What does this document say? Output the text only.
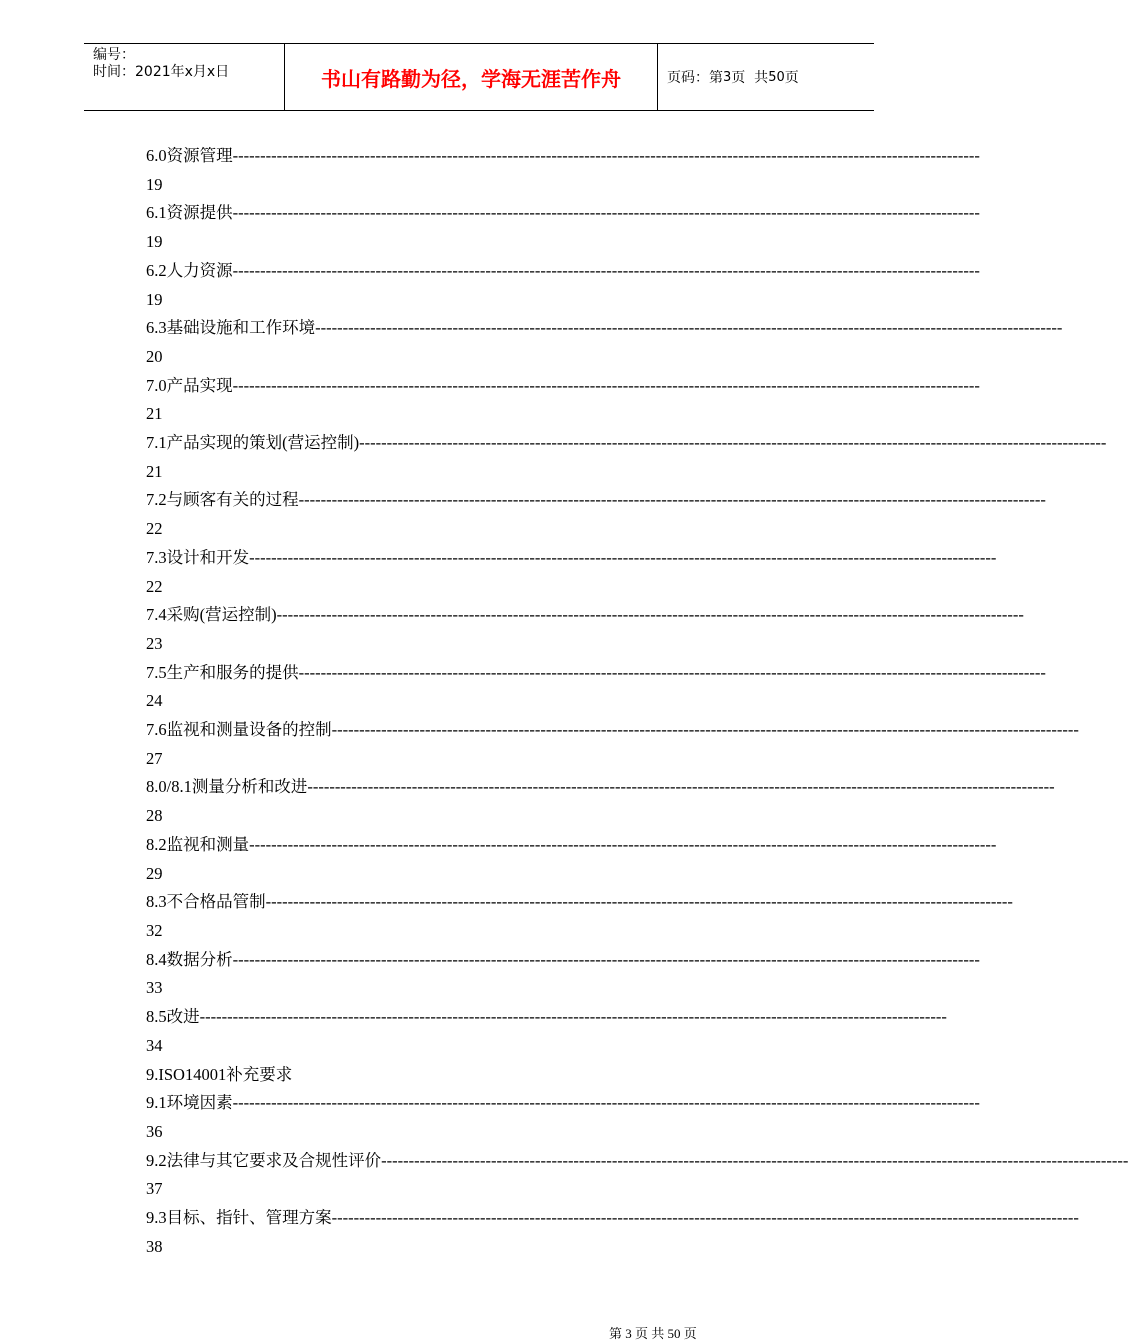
编号：
时间：2021年x月x日	书山有路勤为径，学海无涯苦作舟	页码： 第 3 页  共 50 页
6.0资源管理----------------------------------------------------------------------------------------------------------------------------------------
19
6.1资源提供----------------------------------------------------------------------------------------------------------------------------------------
19
6.2人力资源----------------------------------------------------------------------------------------------------------------------------------------
19
6.3基础设施和工作环境----------------------------------------------------------------------------------------------------------------------------------------
20
7.0产品实现----------------------------------------------------------------------------------------------------------------------------------------
21
7.1产品实现的策划(营运控制)----------------------------------------------------------------------------------------------------------------------------------------
21
7.2与顾客有关的过程----------------------------------------------------------------------------------------------------------------------------------------
22
7.3设计和开发----------------------------------------------------------------------------------------------------------------------------------------
22
7.4采购(营运控制)----------------------------------------------------------------------------------------------------------------------------------------
23
7.5生产和服务的提供----------------------------------------------------------------------------------------------------------------------------------------
24
7.6监视和测量设备的控制----------------------------------------------------------------------------------------------------------------------------------------
27
8.0/8.1测量分析和改进----------------------------------------------------------------------------------------------------------------------------------------
28
8.2监视和测量----------------------------------------------------------------------------------------------------------------------------------------
29
8.3不合格品管制----------------------------------------------------------------------------------------------------------------------------------------
32
8.4数据分析----------------------------------------------------------------------------------------------------------------------------------------
33
8.5改进----------------------------------------------------------------------------------------------------------------------------------------
34
9.ISO14001补充要求
9.1环境因素----------------------------------------------------------------------------------------------------------------------------------------
36
9.2法律与其它要求及合规性评价----------------------------------------------------------------------------------------------------------------------------------------
37
9.3目标、指针、管理方案----------------------------------------------------------------------------------------------------------------------------------------
38
第 3 页 共 50 页
